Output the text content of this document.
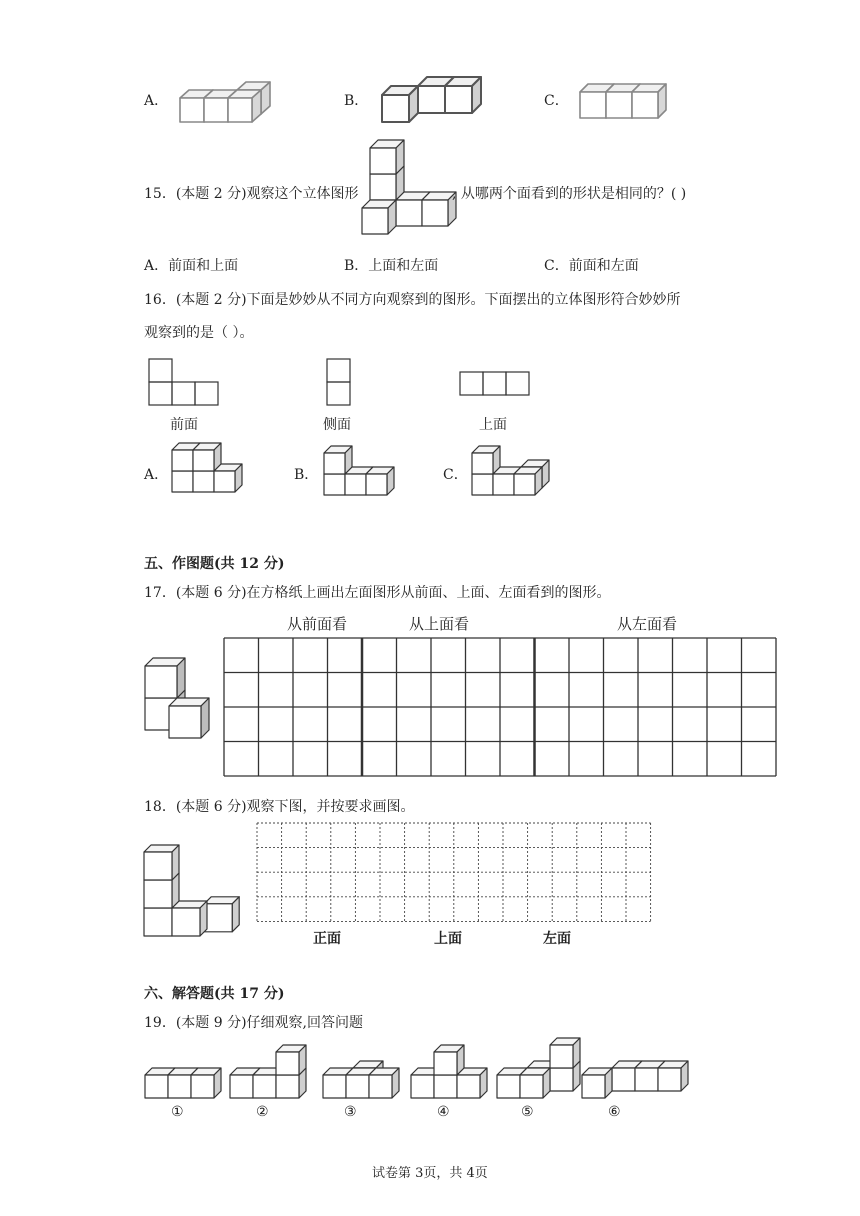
A．	B．	C．
15．(本题 2 分)观察这个立体图形	, 从哪两个面看到的形状是相同的？( )
A．前面和上面	B．上面和左面	C．前面和左面
16．(本题 2 分)下面是妙妙从不同方向观察到的图形。下面摆出的立体图形符合妙妙所
观察到的是（ ）。
前面	侧面	上面
A．	B．	C．
五、作图题(共 12 分)
17．(本题 6 分)在方格纸上画出左面图形从前面、上面、左面看到的图形。
从前面看	从上面看	从左面看
18．(本题 6 分)观察下图，并按要求画图。
正面	上面	左面
六、解答题(共 17 分)
19．(本题 9 分)仔细观察,回答问题
①	②	③	④	⑤	⑥
试卷第 3页，共 4页
